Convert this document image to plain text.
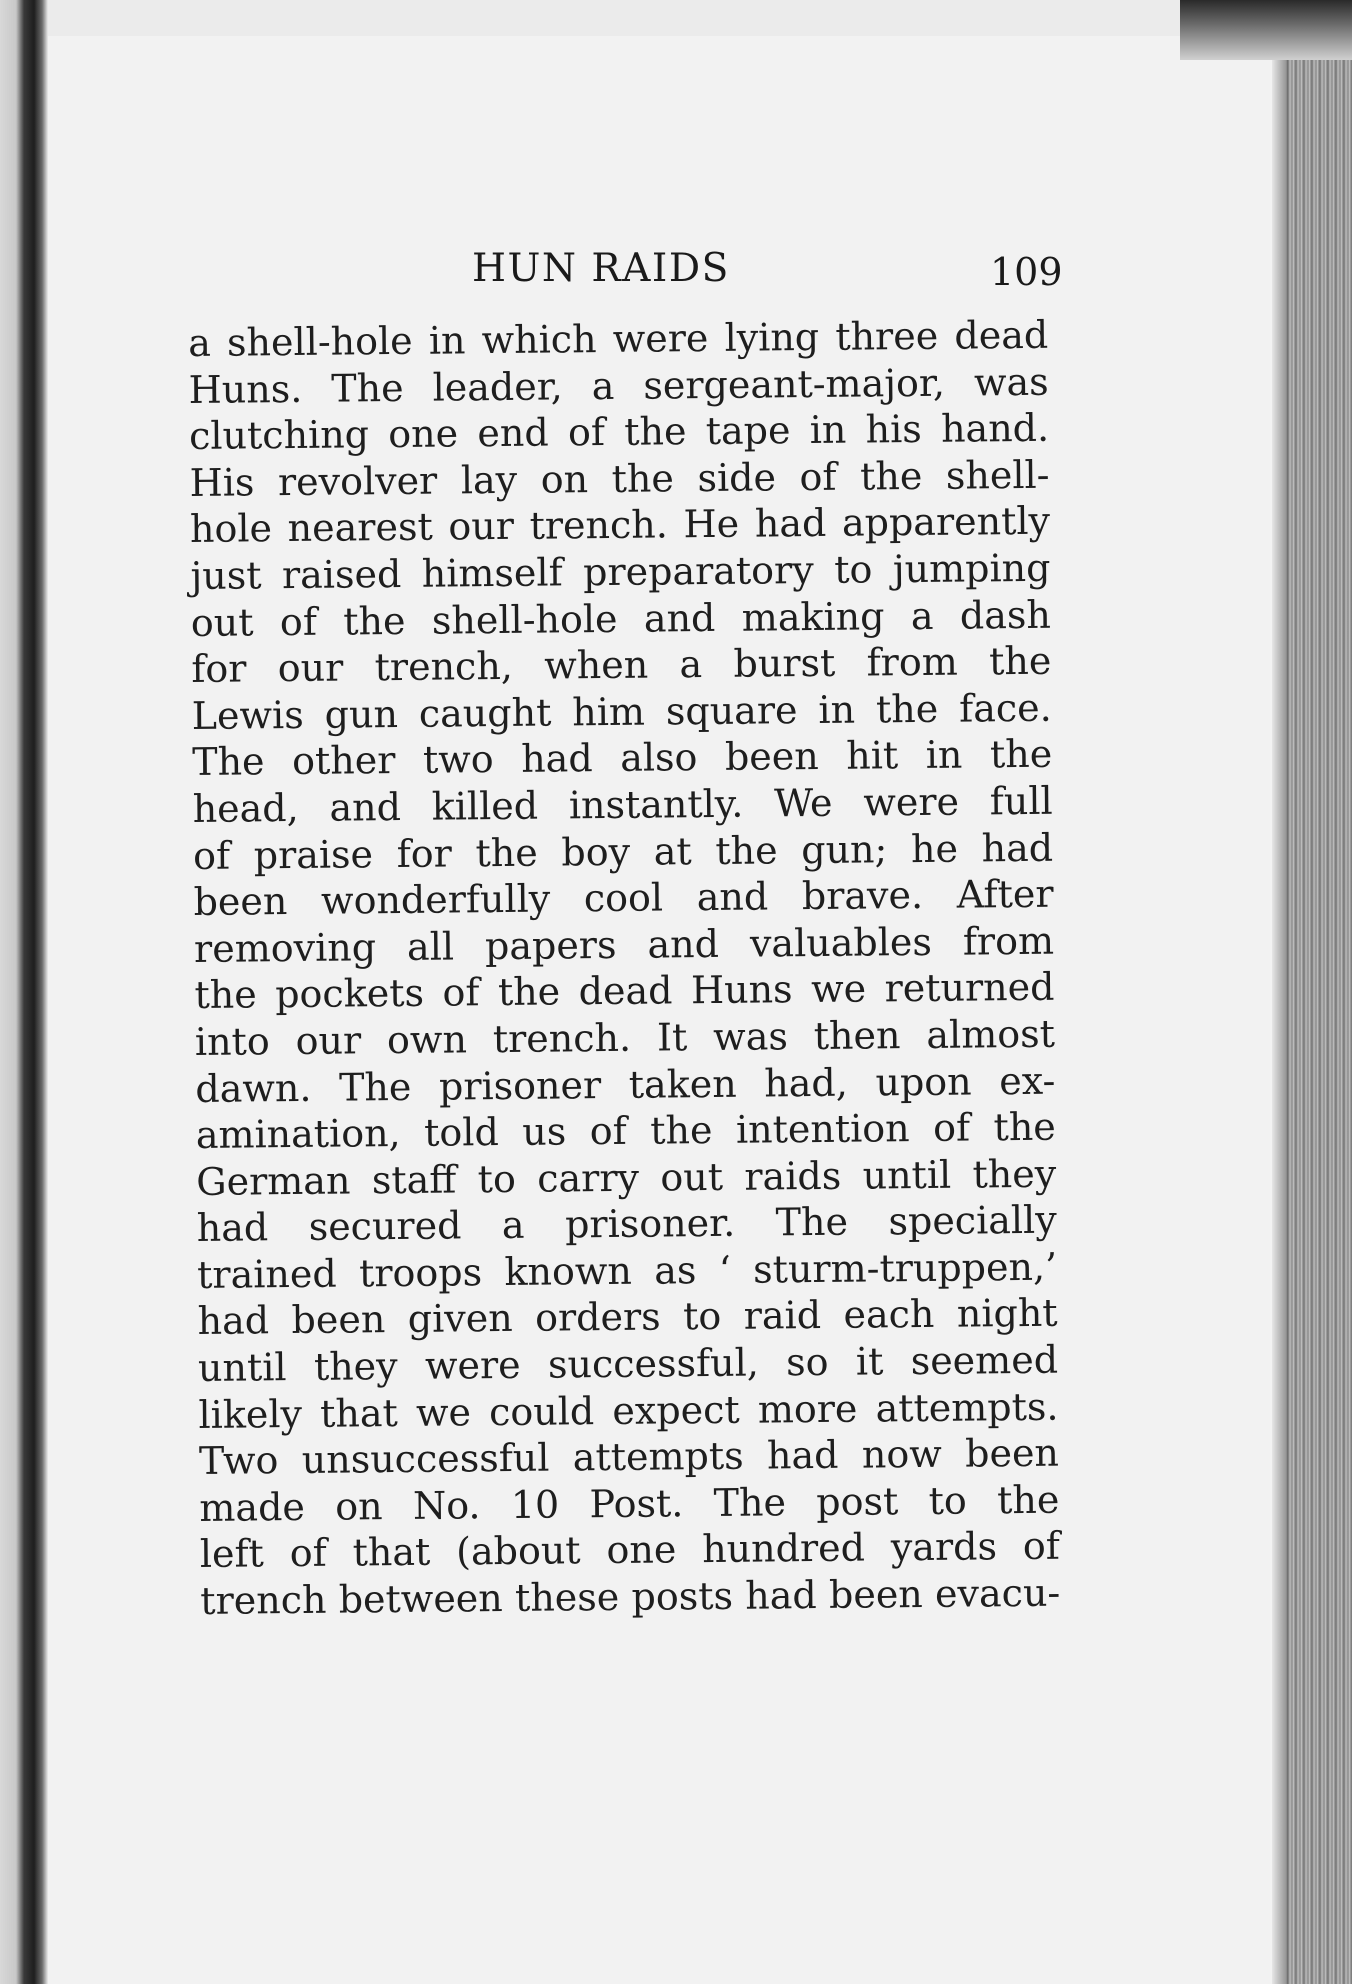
HUN RAIDS	109
a shell-hole in which were lying three dead
Huns. The leader, a sergeant-major, was
clutching one end of the tape in his hand.
His revolver lay on the side of the shell-
hole nearest our trench. He had apparently
just raised himself preparatory to jumping
out of the shell-hole and making a dash
for our trench, when a burst from the
Lewis gun caught him square in the face.
The other two had also been hit in the
head, and killed instantly. We were full
of praise for the boy at the gun; he had
been wonderfully cool and brave. After
removing all papers and valuables from
the pockets of the dead Huns we returned
into our own trench. It was then almost
dawn. The prisoner taken had, upon ex-
amination, told us of the intention of the
German staff to carry out raids until they
had secured a prisoner. The specially
trained troops known as ‘ sturm-truppen,’
had been given orders to raid each night
until they were successful, so it seemed
likely that we could expect more attempts.
Two unsuccessful attempts had now been
made on No. 10 Post. The post to the
left of that (about one hundred yards of
trench between these posts had been evacu-
